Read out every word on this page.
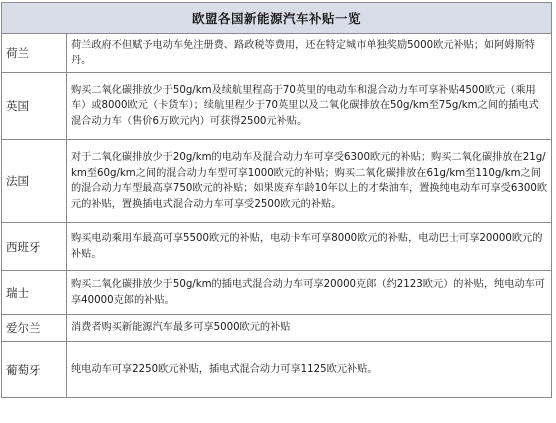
欧盟各国新能源汽车补贴一览	
荷兰	荷兰政府不但赋予电动车免注册费、路政税等费用，还在特定城市单独奖励5000欧元补贴；如阿姆斯特丹。
英国	购买二氧化碳排放少于50g/km及续航里程高于70英里的电动车和混合动力车可享补贴4500欧元（乘用车）或8000欧元（卡货车）；续航里程少于70英里以及二氧化碳排放在50g/km至75g/km之间的插电式混合动力车（售价6万欧元内）可获得2500元补贴。
法国	对于二氧化碳排放少于20g/km的电动车及混合动力车可享受6300欧元的补贴；购买二氧化碳排放在21g/km至60g/km之间的混合动力车型可享1000欧元的补贴；购买二氧化碳排放在61g/km至110g/km之间的混合动力车型最高享750欧元的补贴；如果废弃车龄10年以上的才柴油车，置换纯电动车可享受6300欧元的补贴，置换插电式混合动力车可享受2500欧元的补贴。
西班牙	购买电动乘用车最高可享5500欧元的补贴，电动卡车可享8000欧元的补贴，电动巴士可享20000欧元的补贴。
瑞士	购买二氧化碳排放少于50g/km的插电式混合动力车可享20000克郎（约2123欧元）的补贴，纯电动车可享40000克郎的补贴。
爱尔兰	消费者购买新能源汽车最多可享5000欧元的补贴
葡萄牙	纯电动车可享2250欧元补贴，插电式混合动力可享1125欧元补贴。
